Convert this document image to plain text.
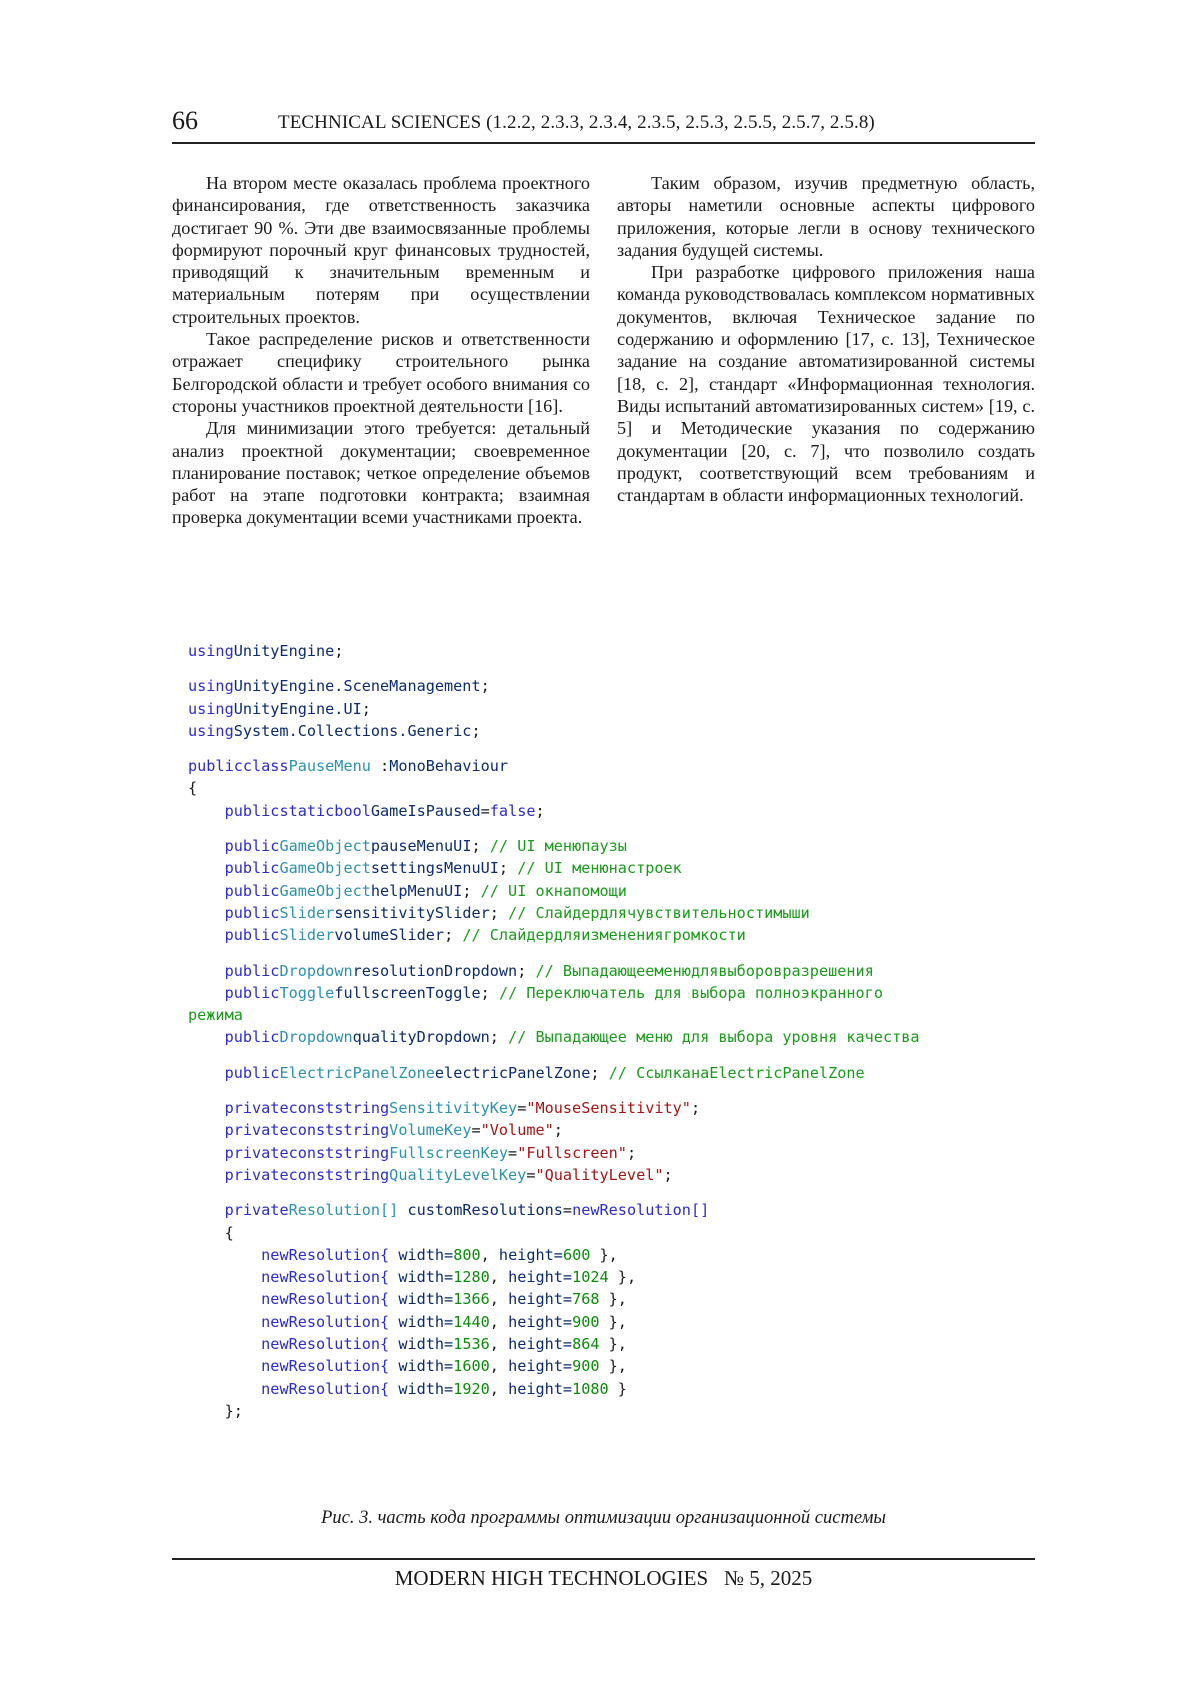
66	TECHNICAL SCIENCES (1.2.2, 2.3.3, 2.3.4, 2.3.5, 2.5.3, 2.5.5, 2.5.7, 2.5.8)

На втором месте оказалась проблема проектного финансирования, где ответственность заказчика достигает 90 %. Эти две взаимосвязанные проблемы формируют порочный круг финансовых трудностей, приводящий к значительным временным и материальным потерям при осуществлении строительных проектов.

Такое распределение рисков и ответственности отражает специфику строительного рынка Белгородской области и требует особого внимания со стороны участников проектной деятельности [16].

Для минимизации этого требуется: детальный анализ проектной документации; своевременное планирование поставок; четкое определение объемов работ на этапе подготовки контракта; взаимная проверка документации всеми участниками проекта.

Таким образом, изучив предметную область, авторы наметили основные аспекты цифрового приложения, которые легли в основу технического задания будущей системы.

При разработке цифрового приложения наша команда руководствовалась комплексом нормативных документов, включая Техническое задание по содержанию и оформлению [17, с. 13], Техническое задание на создание автоматизированной системы [18, с. 2], стандарт «Информационная технология. Виды испытаний автоматизированных систем» [19, с. 5] и Методические указания по содержанию документации [20, с. 7], что позволило создать продукт, соответствующий всем требованиям и стандартам в области информационных технологий.

usingUnityEngine;
usingUnityEngine.SceneManagement;
usingUnityEngine.UI;
usingSystem.Collections.Generic;
publicclassPauseMenu :MonoBehaviour
{
publicstaticboolGameIsPaused=false;
publicGameObjectpauseMenuUI; // UI менюпаузы
publicGameObjectsettingsMenuUI; // UI менюнастроек
publicGameObjecthelpMenuUI; // UI окнапомощи
publicSlidersensitivitySlider; // Слайдердлячувствительностимыши
publicSlidervolumeSlider; // Слайдердляизменениягромкости
publicDropdownresolutionDropdown; // Выпадающееменюдлявыборовразрешения
publicTogglefullscreenToggle; // Переключатель для выбора полноэкранного
режима
publicDropdownqualityDropdown; // Выпадающее меню для выбора уровня качества
publicElectricPanelZoneelectricPanelZone; // СсылканаElectricPanelZone
privateconststringSensitivityKey="MouseSensitivity";
privateconststringVolumeKey="Volume";
privateconststringFullscreenKey="Fullscreen";
privateconststringQualityLevelKey="QualityLevel";
privateResolution[] customResolutions=newResolution[]
{
newResolution{ width=800, height=600 },
newResolution{ width=1280, height=1024 },
newResolution{ width=1366, height=768 },
newResolution{ width=1440, height=900 },
newResolution{ width=1536, height=864 },
newResolution{ width=1600, height=900 },
newResolution{ width=1920, height=1080 }
};
Рис. 3. часть кода программы оптимизации организационной системы
MODERN HIGH TECHNOLOGIES № 5, 2025
